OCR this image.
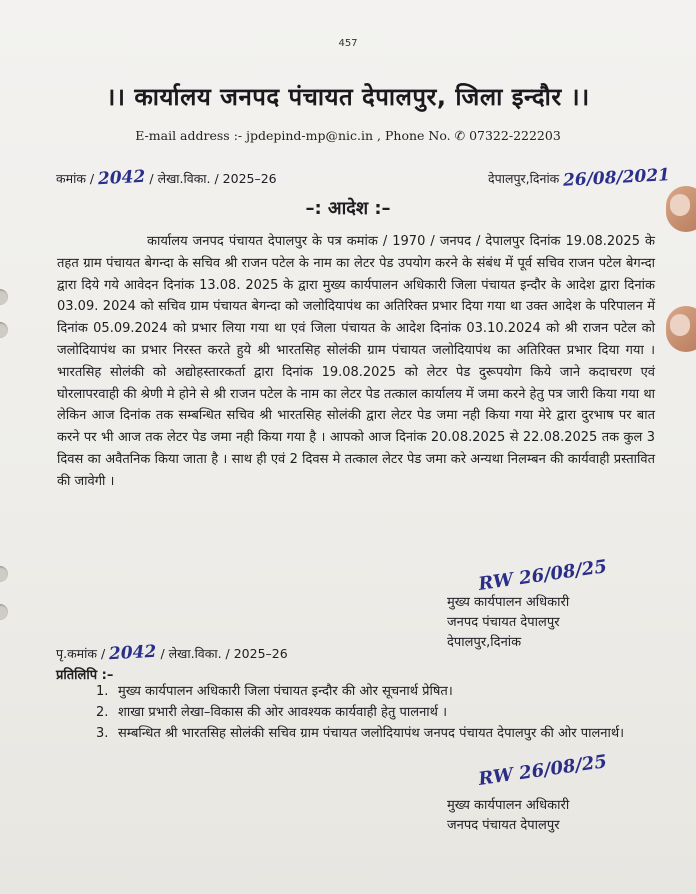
457
।। कार्यालय जनपद पंचायत देपालपुर, जिला इन्दौर ।।
E-mail address :- jpdepind-mp@nic.in , Phone No. ✆ 07322-222203
कमांक / 2042 / लेखा.विका. / 2025–26	देपालपुर,दिनांक 26/08/2021
–: आदेश :–
कार्यालय जनपद पंचायत देपालपुर के पत्र कमांक / 1970 / जनपद / देपालपुर दिनांक 19.08.2025 के तहत ग्राम पंचायत बेगन्दा के सचिव श्री राजन पटेल के नाम का लेटर पेड उपयोग करने के संबंध में पूर्व सचिव राजन पटेल बेगन्दा द्वारा दिये गये आवेदन दिनांक 13.08. 2025 के द्वारा मुख्य कार्यपालन अधिकारी जिला पंचायत इन्दौर के आदेश द्वारा दिनांक 03.09. 2024 को सचिव ग्राम पंचायत बेगन्दा को जलोदियापंथ का अतिरिक्त प्रभार दिया गया था उक्त आदेश के परिपालन में दिनांक 05.09.2024 को प्रभार लिया गया था एवं जिला पंचायत के आदेश दिनांक 03.10.2024 को श्री राजन पटेल को जलोदियापंथ का प्रभार निरस्त करते हुये श्री भारतसिह सोलंकी ग्राम पंचायत जलोदियापंथ का अतिरिक्त प्रभार दिया गया । भारतसिह सोलंकी को अद्योहस्तारकर्ता द्वारा दिनांक 19.08.2025 को लेटर पेड दुरूपयोग किये जाने कदाचरण एवं घोरलापरवाही की श्रेणी मे होने से श्री राजन पटेल के नाम का लेटर पेड तत्काल कार्यालय में जमा करने हेतु पत्र जारी किया गया था लेकिन आज दिनांक तक सम्बन्धित सचिव श्री भारतसिह सोलंकी द्वारा लेटर पेड जमा नही किया गया मेरे द्वारा दुरभाष पर बात करने पर भी आज तक लेटर पेड जमा नही किया गया है । आपको आज दिनांक 20.08.2025 से 22.08.2025 तक कुल 3 दिवस का अवैतनिक किया जाता है । साथ ही एवं 2 दिवस मे तत्काल लेटर पेड जमा करे अन्यथा निलम्बन की कार्यवाही प्रस्तावित की जावेगी ।
RW 26/08/25
मुख्य कार्यपालन अधिकारी
जनपद पंचायत देपालपुर
देपालपुर,दिनांक
पृ.कमांक / 2042 / लेखा.विका. / 2025–26
प्रतिलिपि :–
1. मुख्य कार्यपालन अधिकारी जिला पंचायत इन्दौर की ओर सूचनार्थ प्रेषित।
2. शाखा प्रभारी लेखा–विकास की ओर आवश्यक कार्यवाही हेतु पालनार्थ ।
3. सम्बन्धित श्री भारतसिह सोलंकी सचिव ग्राम पंचायत जलोदियापंथ जनपद पंचायत देपालपुर की ओर पालनार्थ।
RW 26/08/25
मुख्य कार्यपालन अधिकारी
जनपद पंचायत देपालपुर
